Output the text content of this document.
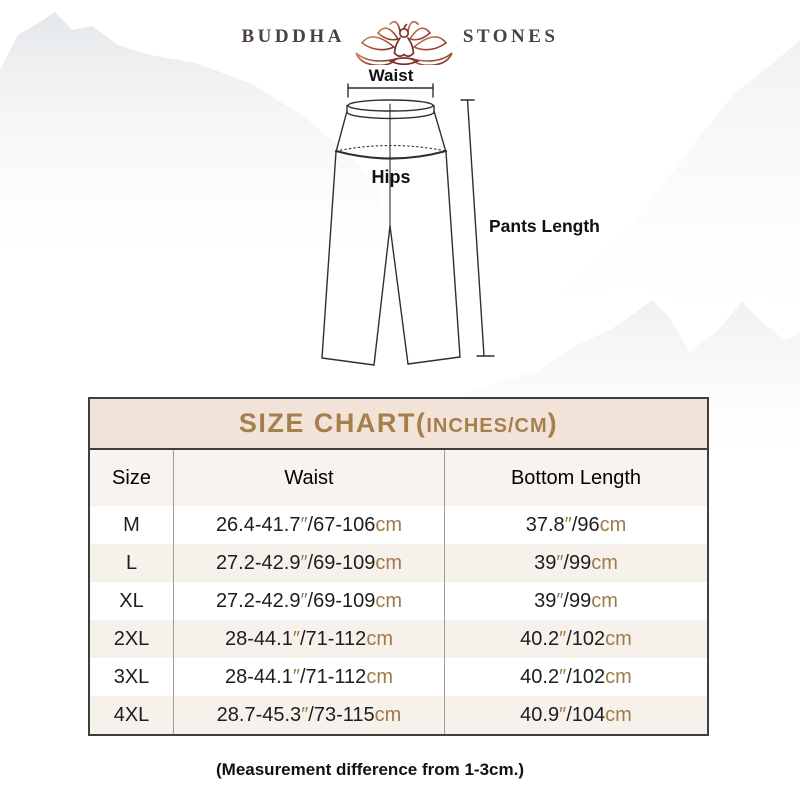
BUDDHA	STONES
Waist
Hips
Pants Length
SIZE CHART( INCHES/CM )
Size	Waist	Bottom Length
M	26.4-41.7 ″ /67-106 cm	37.8 ″ /96 cm
L	27.2-42.9 ″ /69-109 cm	39 ″ /99 cm
XL	27.2-42.9 ″ /69-109 cm	39 ″ /99 cm
2XL	28-44.1 ″ /71-112 cm	40.2 ″ /102 cm
3XL	28-44.1 ″ /71-112 cm	40.2 ″ /102 cm
4XL	28.7-45.3 ″ /73-115 cm	40.9 ″ /104 cm
(Measurement difference from 1-3cm.)
